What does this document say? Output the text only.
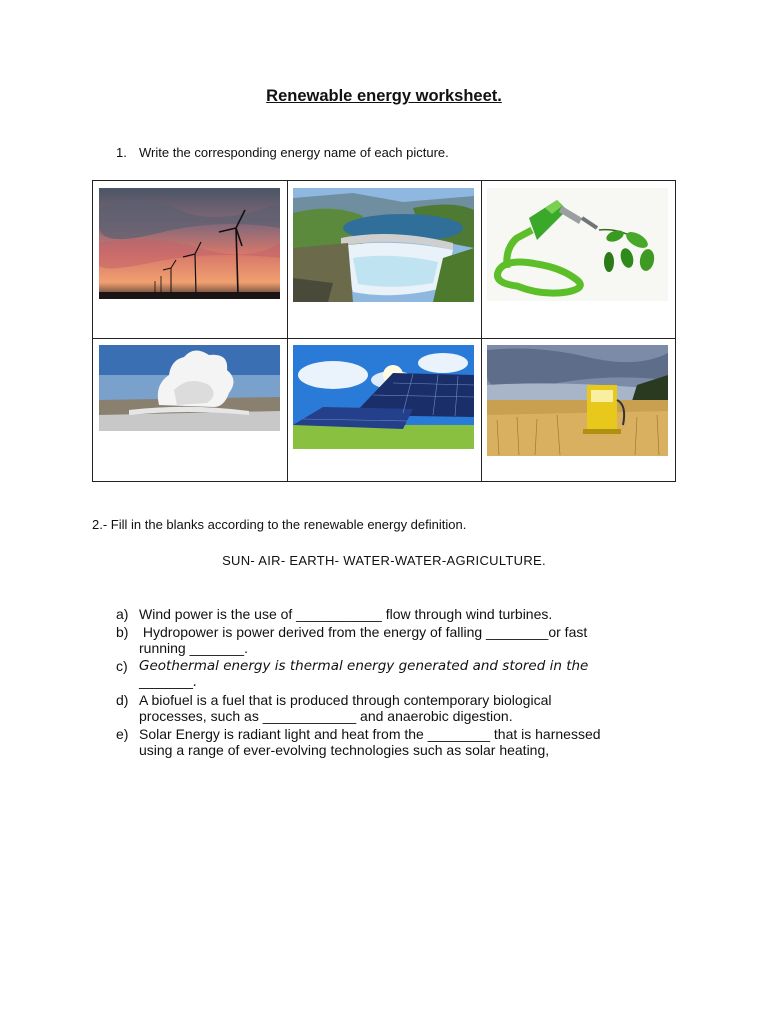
Renewable energy worksheet.
1. Write the corresponding energy name of each picture.
2.- Fill in the blanks according to the renewable energy definition.
SUN- AIR- EARTH- WATER-WATER-AGRICULTURE.
a) Wind power is the use of ___________ flow through wind turbines.
b) Hydropower is power derived from the energy of falling ________or fast
running _______.
c) Geothermal energy is thermal energy generated and stored in the
________.
d) A biofuel is a fuel that is produced through contemporary biological
processes, such as ____________ and anaerobic digestion.
e) Solar Energy is radiant light and heat from the ________ that is harnessed
using a range of ever-evolving technologies such as solar heating,
